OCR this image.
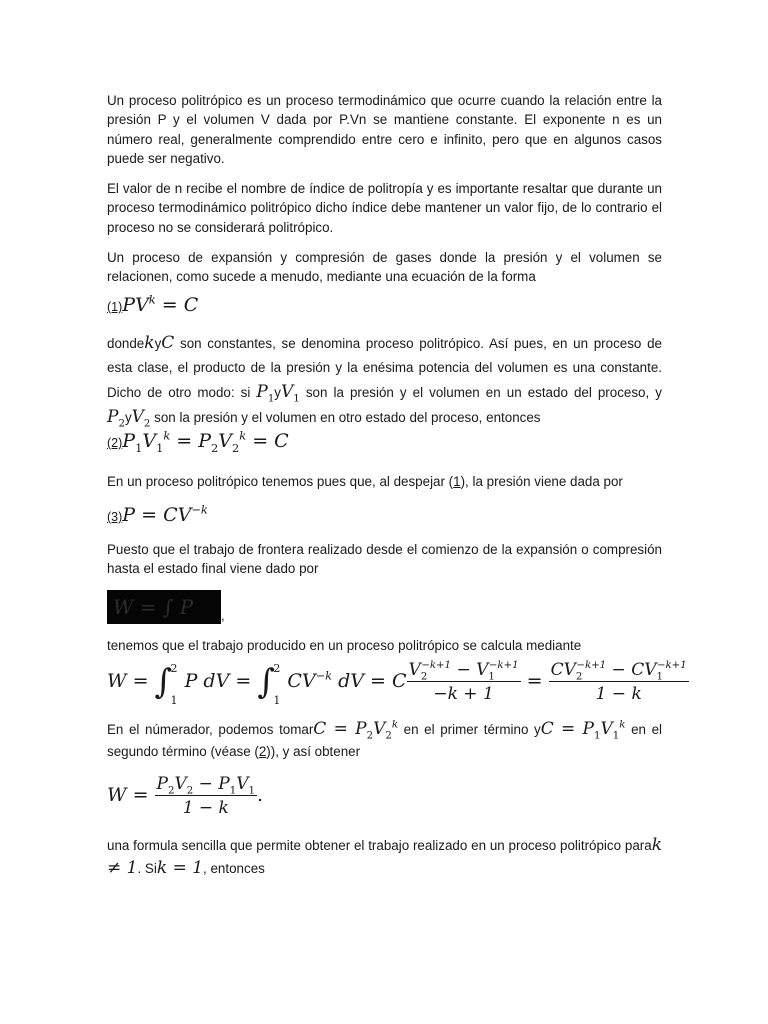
Un proceso politrópico es un proceso termodinámico que ocurre cuando la relación entre la presión P y el volumen V dada por P.Vn se mantiene constante. El exponente n es un número real, generalmente comprendido entre cero e infinito, pero que en algunos casos puede ser negativo.

El valor de n recibe el nombre de índice de politropía y es importante resaltar que durante un proceso termodinámico politrópico dicho índice debe mantener un valor fijo, de lo contrario el proceso no se considerará politrópico.

Un proceso de expansión y compresión de gases donde la presión y el volumen se relacionen, como sucede a menudo, mediante una ecuación de la forma

$(1)PV^k = C$

dondekyC son constantes, se denomina proceso politrópico. Así pues, en un proceso de esta clase, el producto de la presión y la enésima potencia del volumen es una constante. Dicho de otro modo: si $P_1yV_1$ son la presión y el volumen en un estado del proceso, y $P_2yV_2$ son la presión y el volumen en otro estado del proceso, entonces

$(2)P_1V_1^k = P_2V_2^k = C$

En un proceso politrópico tenemos pues que, al despejar (1), la presión viene dada por

$(3)P = CV^{-k}$

Puesto que el trabajo de frontera realizado desde el comienzo de la expansión o compresión hasta el estado final viene dado por

W = ∫ P	,

tenemos que el trabajo producido en un proceso politrópico se calcula mediante

W = ∫
2
1
P dV = ∫
2
1
$CV^{-k}$ dV = C $\frac{V_2^{-k+1} - V_1^{-k+1}}{-k + 1} = \frac{CV_2^{-k+1} - CV_1^{-k+1}}{1 - k}$

En el númerador, podemos tomarC = $P_2V_2^k$ en el primer término yC = $P_1V_1^k$ en el segundo término (véase (2)), y así obtener

$W = \frac{P_2V_2 - P_1V_1}{1 - k}$ .

una formula sencilla que permite obtener el trabajo realizado en un proceso politrópico parak ≠ 1. Sik = 1, entonces
